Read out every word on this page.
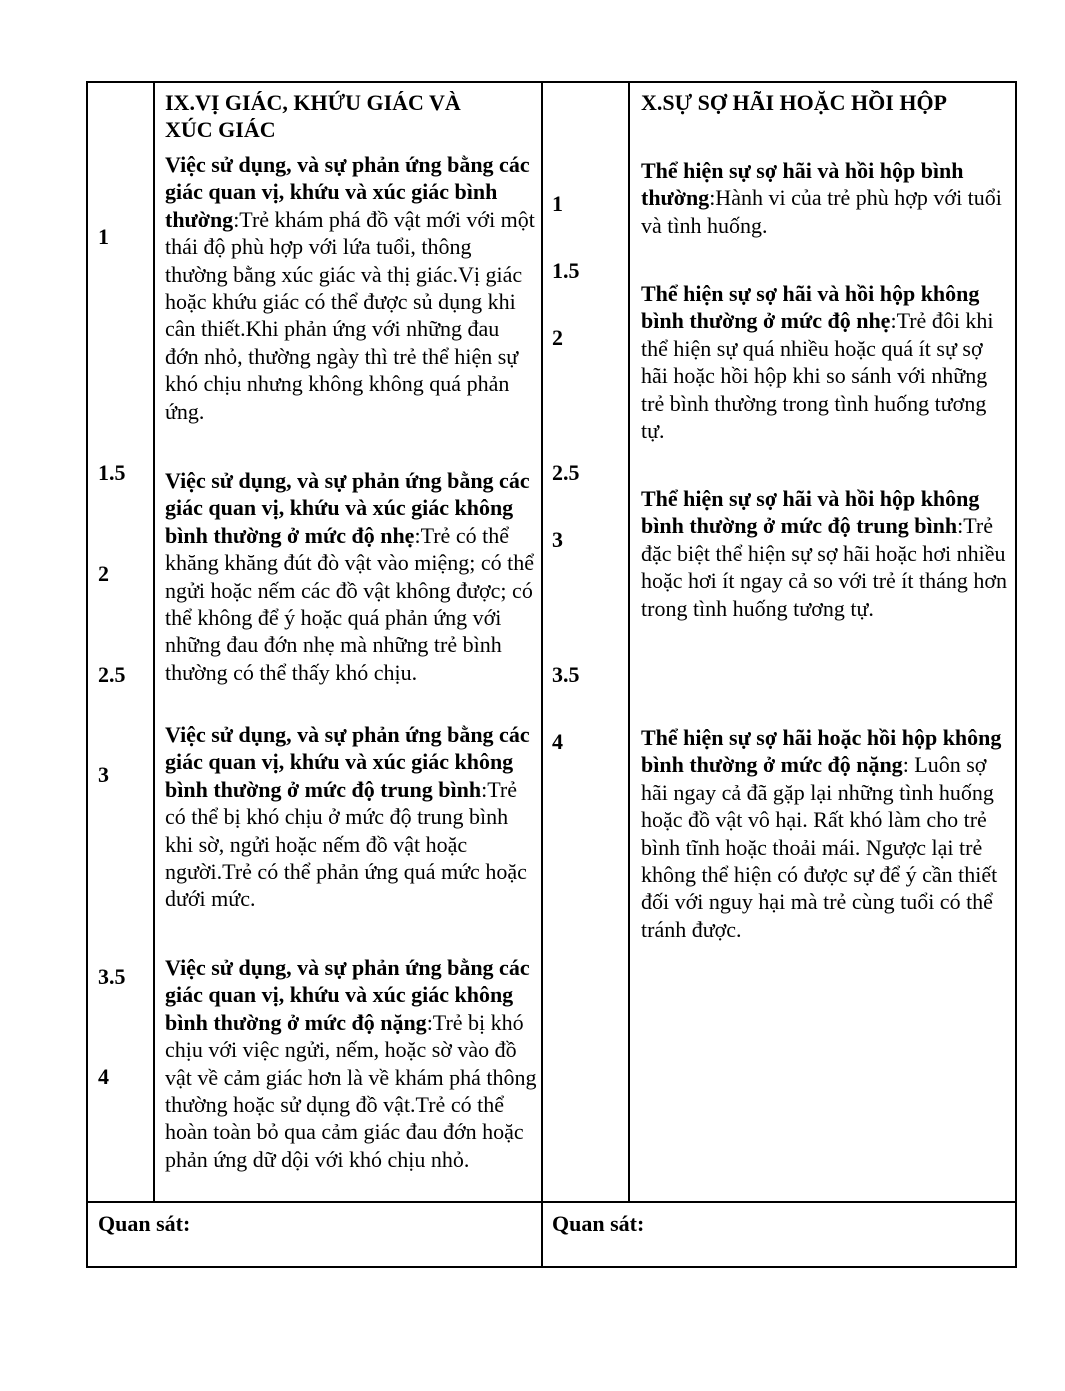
1
1.5
2
2.5
3
3.5
4
IX.VỊ GIÁC, KHỨU GIÁC VÀ XÚC GIÁC
Việc sử dụng, và sự phản ứng bằng các giác quan vị, khứu và xúc giác bình thường:Trẻ khám phá đồ vật mới với một thái độ phù hợp với lứa tuổi, thông thường bằng xúc giác và thị giác.Vị giác hoặc khứu giác có thể được sủ dụng khi cân thiết.Khi phản ứng với những đau đớn nhỏ, thường ngày thì trẻ thể hiện sự khó chịu nhưng không không quá phản ứng.
Việc sử dụng, và sự phản ứng bằng các giác quan vị, khứu và xúc giác không bình thường ở mức độ nhẹ:Trẻ có thể khăng khăng đút đò vật vào miệng; có thể ngửi hoặc nếm các đồ vật không được; có thể không để ý hoặc quá phản ứng với những đau đớn nhẹ mà những trẻ bình thường có thể thấy khó chịu.
Việc sử dụng, và sự phản ứng bằng các giác quan vị, khứu và xúc giác không bình thường ở mức độ trung bình:Trẻ có thể bị khó chịu ở mức độ trung bình khi sờ, ngửi hoặc nếm đồ vật hoặc người.Trẻ có thể phản ứng quá mức hoặc dưới mức.
Việc sử dụng, và sự phản ứng bằng các giác quan vị, khứu và xúc giác không bình thường ở mức độ nặng:Trẻ bị khó chịu với việc ngửi, nếm, hoặc sờ vào đồ vật về cảm giác hơn là về khám phá thông thường hoặc sử dụng đồ vật.Trẻ có thể hoàn toàn bỏ qua cảm giác đau đớn hoặc phản ứng dữ dội với khó chịu nhỏ.
1
1.5
2
2.5
3
3.5
4
X.SỰ SỢ HÃI HOẶC HỒI HỘP
Thể hiện sự sợ hãi và hồi hộp bình thường:Hành vi của trẻ phù hợp với tuổi và tình huống.
Thể hiện sự sợ hãi và hồi hộp không bình thường ở mức độ nhẹ:Trẻ đôi khi thể hiện sự quá nhiều hoặc quá ít sự sợ hãi hoặc hồi hộp khi so sánh với những trẻ bình thường trong tình huống tương tự.
Thể hiện sự sợ hãi và hồi hộp không bình thường ở mức độ trung bình:Trẻ đặc biệt thể hiện sự sợ hãi hoặc hơi nhiều hoặc hơi ít ngay cả so với trẻ ít tháng hơn trong tình huống tương tự.
Thể hiện sự sợ hãi hoặc hồi hộp không bình thường ở mức độ nặng: Luôn sợ hãi ngay cả đã gặp lại những tình huống hoặc đồ vật vô hại. Rất khó làm cho trẻ bình tĩnh hoặc thoải mái. Ngược lại trẻ không thể hiện có được sự để ý cần thiết đối với nguy hại mà trẻ cùng tuổi có thể tránh được.
Quan sát:	Quan sát:
